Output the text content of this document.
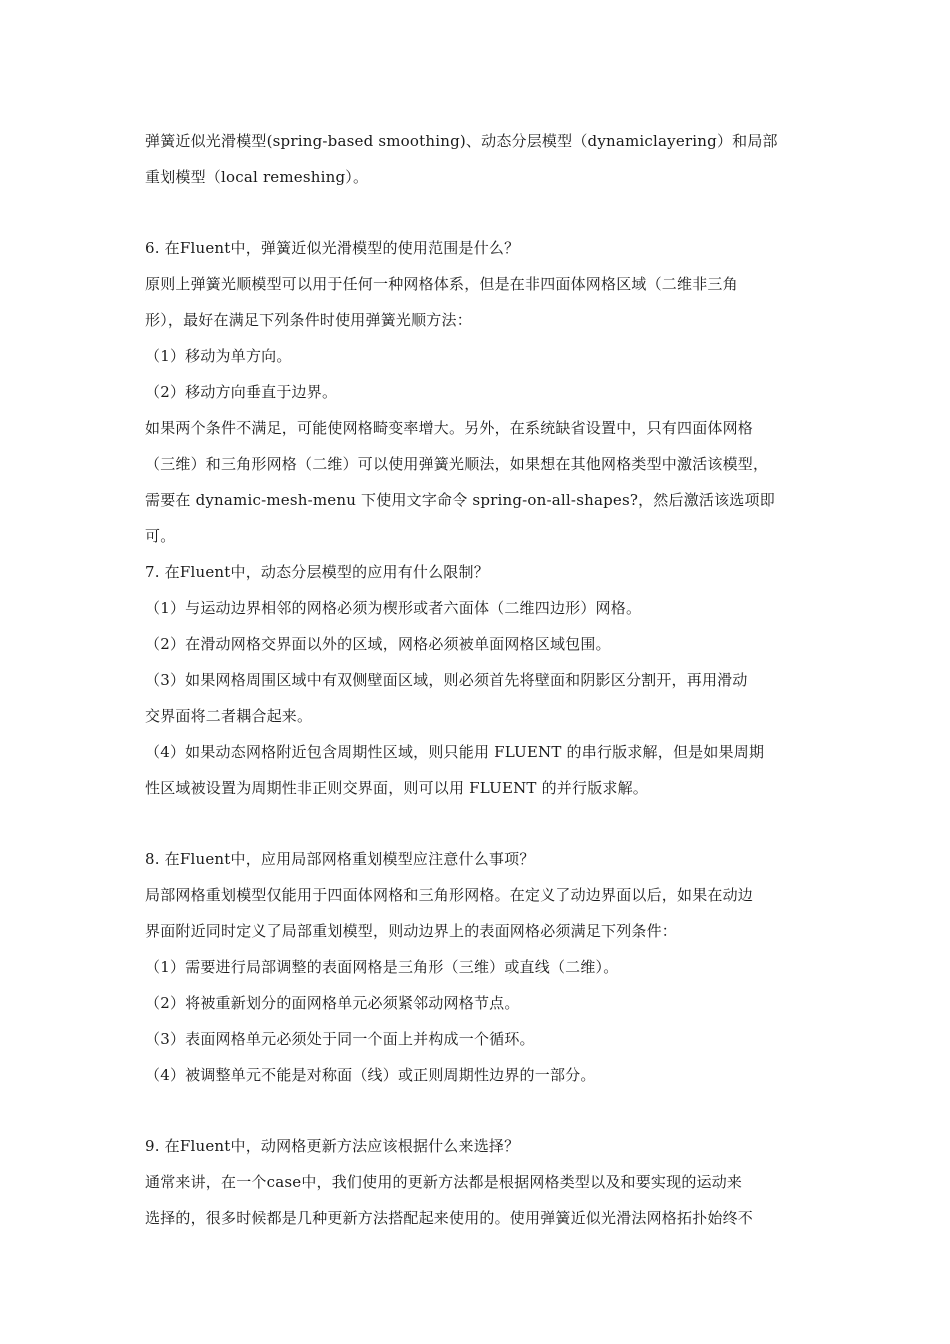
弹簧近似光滑模型(spring-based smoothing)、动态分层模型（dynamiclayering）和局部
重划模型（local remeshing）。
6. 在Fluent中，弹簧近似光滑模型的使用范围是什么？
原则上弹簧光顺模型可以用于任何一种网格体系，但是在非四面体网格区域（二维非三角
形），最好在满足下列条件时使用弹簧光顺方法：
（1）移动为单方向。
（2）移动方向垂直于边界。
如果两个条件不满足，可能使网格畸变率增大。另外，在系统缺省设置中，只有四面体网格
（三维）和三角形网格（二维）可以使用弹簧光顺法，如果想在其他网格类型中激活该模型，
需要在 dynamic-mesh-menu 下使用文字命令 spring-on-all-shapes?，然后激活该选项即
可。
7. 在Fluent中，动态分层模型的应用有什么限制？
（1）与运动边界相邻的网格必须为楔形或者六面体（二维四边形）网格。
（2）在滑动网格交界面以外的区域，网格必须被单面网格区域包围。
（3）如果网格周围区域中有双侧壁面区域，则必须首先将壁面和阴影区分割开，再用滑动
交界面将二者耦合起来。
（4）如果动态网格附近包含周期性区域，则只能用 FLUENT 的串行版求解，但是如果周期
性区域被设置为周期性非正则交界面，则可以用 FLUENT 的并行版求解。
8. 在Fluent中，应用局部网格重划模型应注意什么事项？
局部网格重划模型仅能用于四面体网格和三角形网格。在定义了动边界面以后，如果在动边
界面附近同时定义了局部重划模型，则动边界上的表面网格必须满足下列条件：
（1）需要进行局部调整的表面网格是三角形（三维）或直线（二维）。
（2）将被重新划分的面网格单元必须紧邻动网格节点。
（3）表面网格单元必须处于同一个面上并构成一个循环。
（4）被调整单元不能是对称面（线）或正则周期性边界的一部分。
9. 在Fluent中，动网格更新方法应该根据什么来选择？
通常来讲，在一个case中，我们使用的更新方法都是根据网格类型以及和要实现的运动来
选择的，很多时候都是几种更新方法搭配起来使用的。使用弹簧近似光滑法网格拓扑始终不
